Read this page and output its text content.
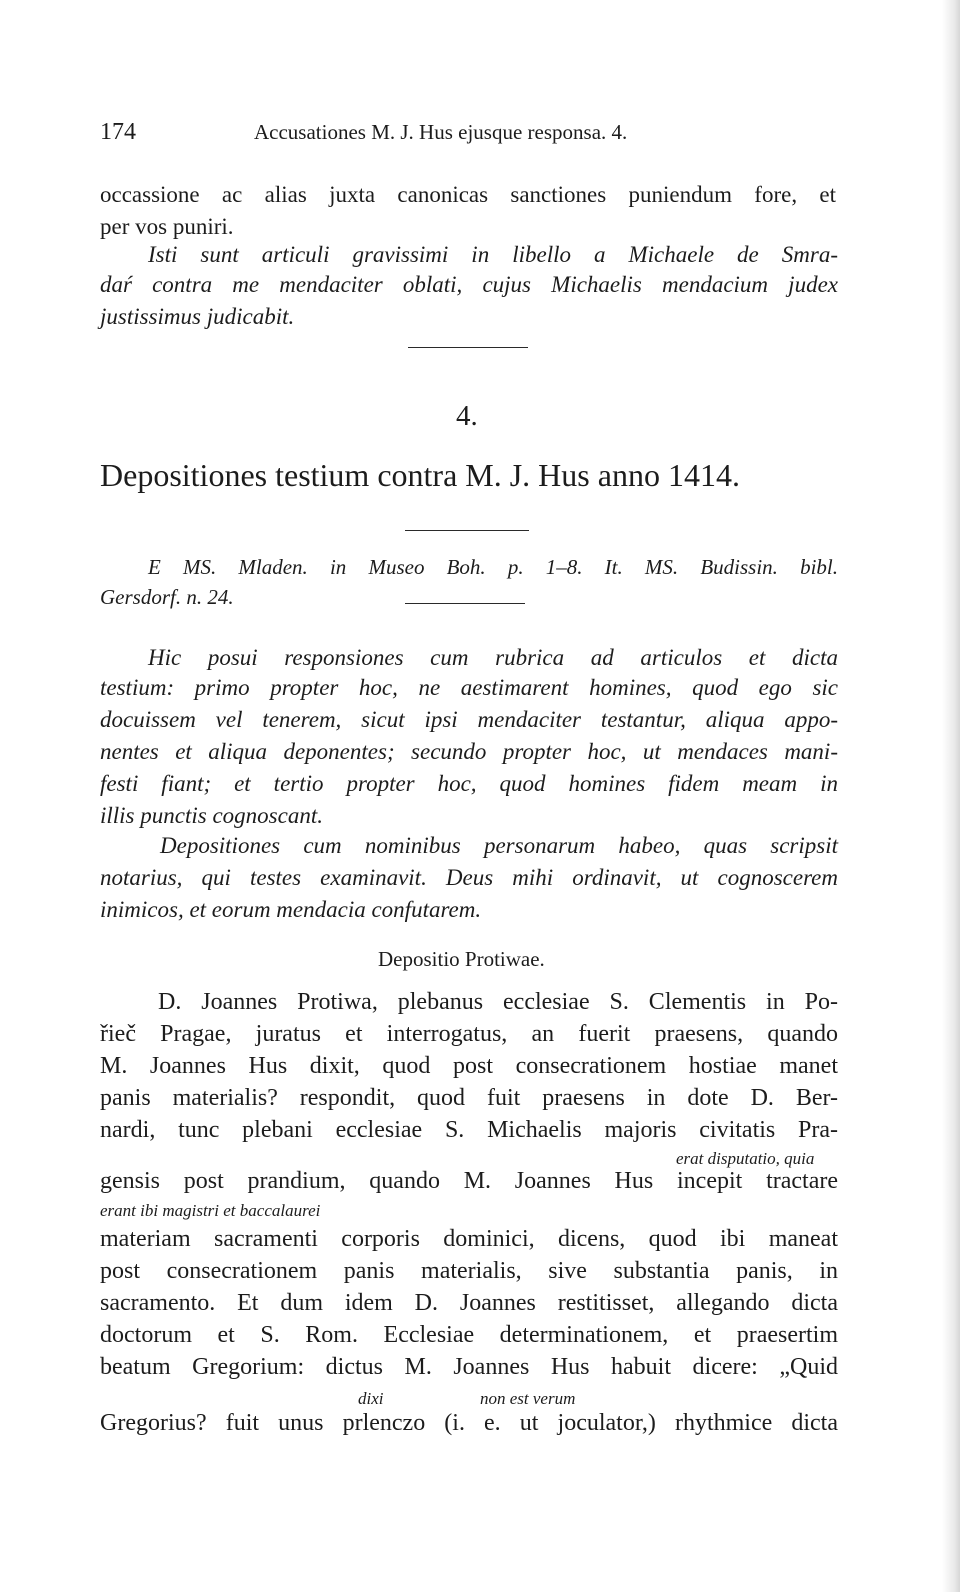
174	Accusationes M. J. Hus ejusque responsa. 4.
occassione ac alias juxta canonicas sanctiones puniendum fore, et
per vos puniri.
Isti sunt articuli gravissimi in libello a Michaele de Smra-
daŕ contra me mendaciter oblati, cujus Michaelis mendacium judex
justissimus judicabit.
4.
Depositiones testium contra M. J. Hus anno 1414.
E MS. Mladen. in Museo Boh. p. 1–8. It. MS. Budissin. bibl.
Gersdorf. n. 24.
Hic posui responsiones cum rubrica ad articulos et dicta
testium: primo propter hoc, ne aestimarent homines, quod ego sic
docuissem vel tenerem, sicut ipsi mendaciter testantur, aliqua appo-
nentes et aliqua deponentes; secundo propter hoc, ut mendaces mani-
festi fiant; et tertio propter hoc, quod homines fidem meam in
illis punctis cognoscant.
Depositiones cum nominibus personarum habeo, quas scripsit
notarius, qui testes examinavit. Deus mihi ordinavit, ut cognoscerem
inimicos, et eorum mendacia confutarem.
Depositio Protiwae.
D. Joannes Protiwa, plebanus ecclesiae S. Clementis in Po-
řieč Pragae, juratus et interrogatus, an fuerit praesens, quando
M. Joannes Hus dixit, quod post consecrationem hostiae manet
panis materialis? respondit, quod fuit praesens in dote D. Ber-
nardi, tunc plebani ecclesiae S. Michaelis majoris civitatis Pra-
erat disputatio, quia
gensis post prandium, quando M. Joannes Hus incepit tractare
erant ibi magistri et baccalaurei
materiam sacramenti corporis dominici, dicens, quod ibi maneat
post consecrationem panis materialis, sive substantia panis, in
sacramento. Et dum idem D. Joannes restitisset, allegando dicta
doctorum et S. Rom. Ecclesiae determinationem, et praesertim
beatum Gregorium: dictus M. Joannes Hus habuit dicere: „Quid
dixi	non est verum
Gregorius? fuit unus prlenczo (i. e. ut joculator,) rhythmice dicta
